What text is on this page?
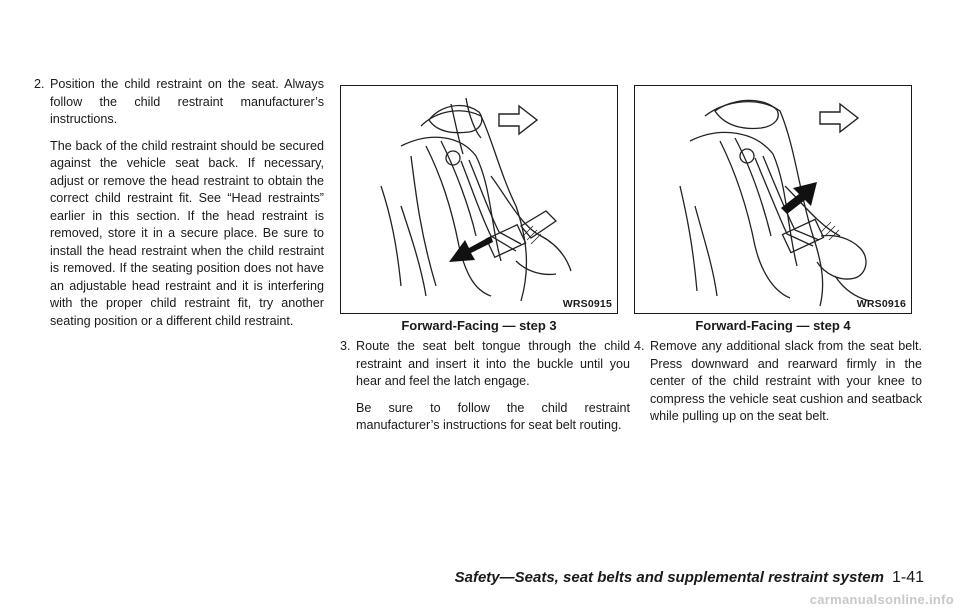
2. Position the child restraint on the seat. Always follow the child restraint manufacturer’s instructions.
The back of the child restraint should be secured against the vehicle seat back. If necessary, adjust or remove the head restraint to obtain the correct child restraint fit. See “Head restraints” earlier in this section. If the head restraint is removed, store it in a secure place. Be sure to install the head restraint when the child restraint is removed. If the seating position does not have an adjustable head restraint and it is interfering with the proper child restraint fit, try another seating position or a different child restraint.
WRS0915
Forward-Facing — step 3
WRS0916
Forward-Facing — step 4
3. Route the seat belt tongue through the child restraint and insert it into the buckle until you hear and feel the latch engage.
Be sure to follow the child restraint manufacturer’s instructions for seat belt routing.
4. Remove any additional slack from the seat belt. Press downward and rearward firmly in the center of the child restraint with your knee to compress the vehicle seat cushion and seatback while pulling up on the seat belt.
Safety—Seats, seat belts and supplemental restraint system 1-41
carmanualsonline.info
